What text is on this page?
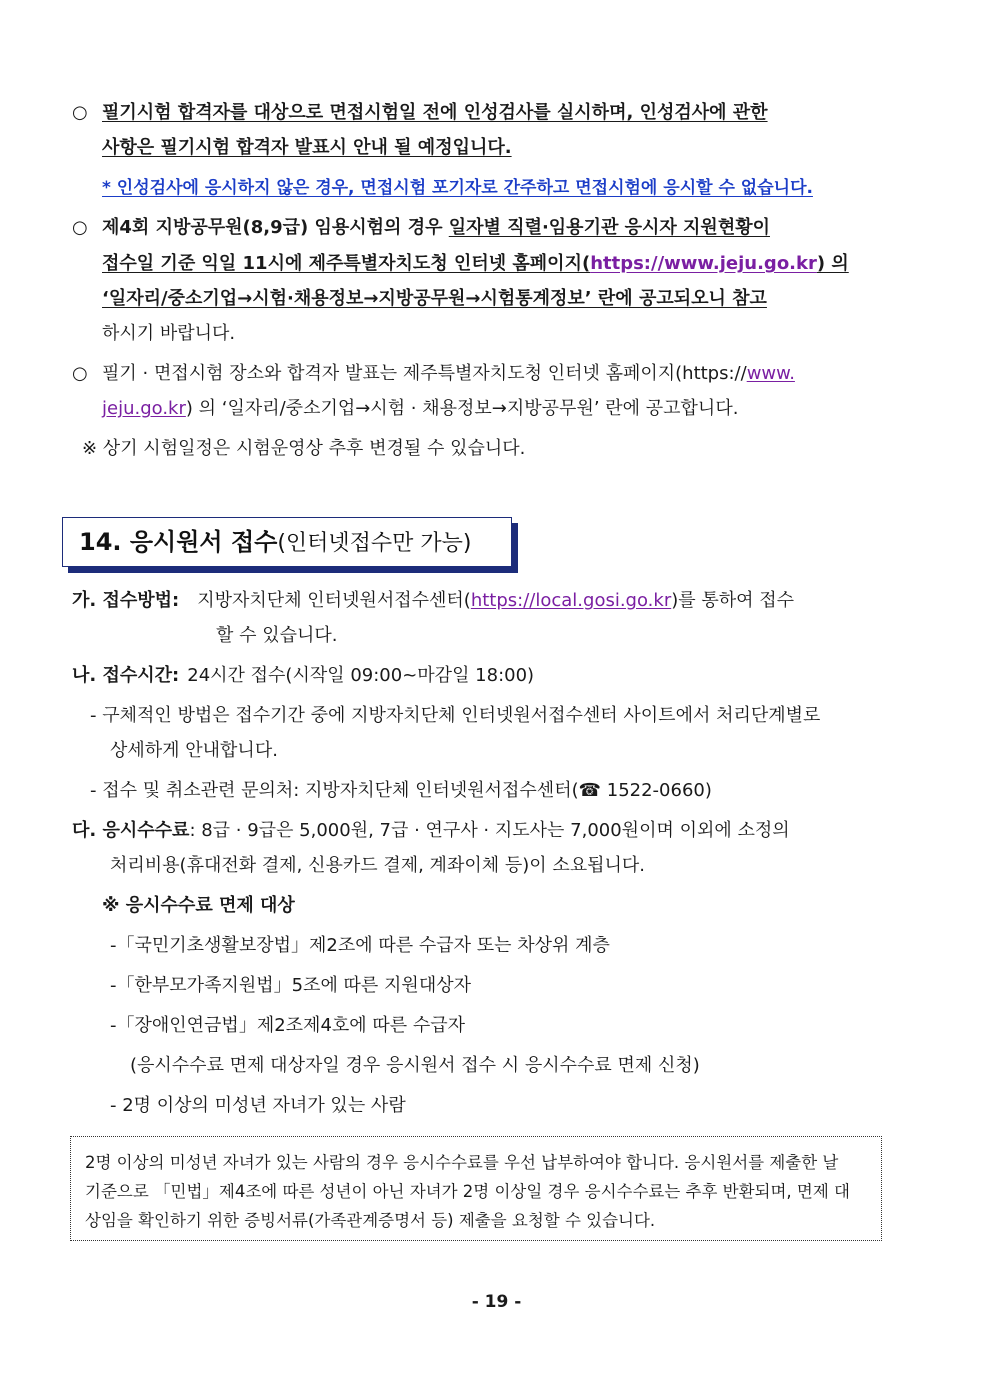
○ 필기시험 합격자를 대상으로 면접시험일 전에 인성검사를 실시하며, 인성검사에 관한
사항은 필기시험 합격자 발표시 안내 될 예정입니다.
* 인성검사에 응시하지 않은 경우, 면접시험 포기자로 간주하고 면접시험에 응시할 수 없습니다.
○ 제4회 지방공무원(8,9급) 임용시험의 경우 일자별 직렬·임용기관 응시자 지원현황이
접수일 기준 익일 11시에 제주특별자치도청 인터넷 홈페이지(https://www.jeju.go.kr) 의
‘일자리/중소기업→시험·채용정보→지방공무원→시험통계정보’ 란에 공고되오니 참고
하시기 바랍니다.
○ 필기 · 면접시험 장소와 합격자 발표는 제주특별자치도청 인터넷 홈페이지(https://www.
jeju.go.kr) 의 ‘일자리/중소기업→시험 · 채용정보→지방공무원’ 란에 공고합니다.
※ 상기 시험일정은 시험운영상 추후 변경될 수 있습니다.
14. 응시원서 접수(인터넷접수만 가능)
가. 접수방법: 지방자치단체 인터넷원서접수센터(https://local.gosi.go.kr)를 통하여 접수
할 수 있습니다.
나. 접수시간: 24시간 접수(시작일 09:00~마감일 18:00)
- 구체적인 방법은 접수기간 중에 지방자치단체 인터넷원서접수센터 사이트에서 처리단계별로
상세하게 안내합니다.
- 접수 및 취소관련 문의처: 지방자치단체 인터넷원서접수센터(☎ 1522-0660)
다. 응시수수료: 8급 · 9급은 5,000원, 7급 · 연구사 · 지도사는 7,000원이며 이외에 소정의
처리비용(휴대전화 결제, 신용카드 결제, 계좌이체 등)이 소요됩니다.
※ 응시수수료 면제 대상
-「국민기초생활보장법」제2조에 따른 수급자 또는 차상위 계층
-「한부모가족지원법」5조에 따른 지원대상자
-「장애인연금법」제2조제4호에 따른 수급자
(응시수수료 면제 대상자일 경우 응시원서 접수 시 응시수수료 면제 신청)
- 2명 이상의 미성년 자녀가 있는 사람
2명 이상의 미성년 자녀가 있는 사람의 경우 응시수수료를 우선 납부하여야 합니다. 응시원서를 제출한 날
기준으로 「민법」제4조에 따른 성년이 아닌 자녀가 2명 이상일 경우 응시수수료는 추후 반환되며, 면제 대
상임을 확인하기 위한 증빙서류(가족관계증명서 등) 제출을 요청할 수 있습니다.
- 19 -
